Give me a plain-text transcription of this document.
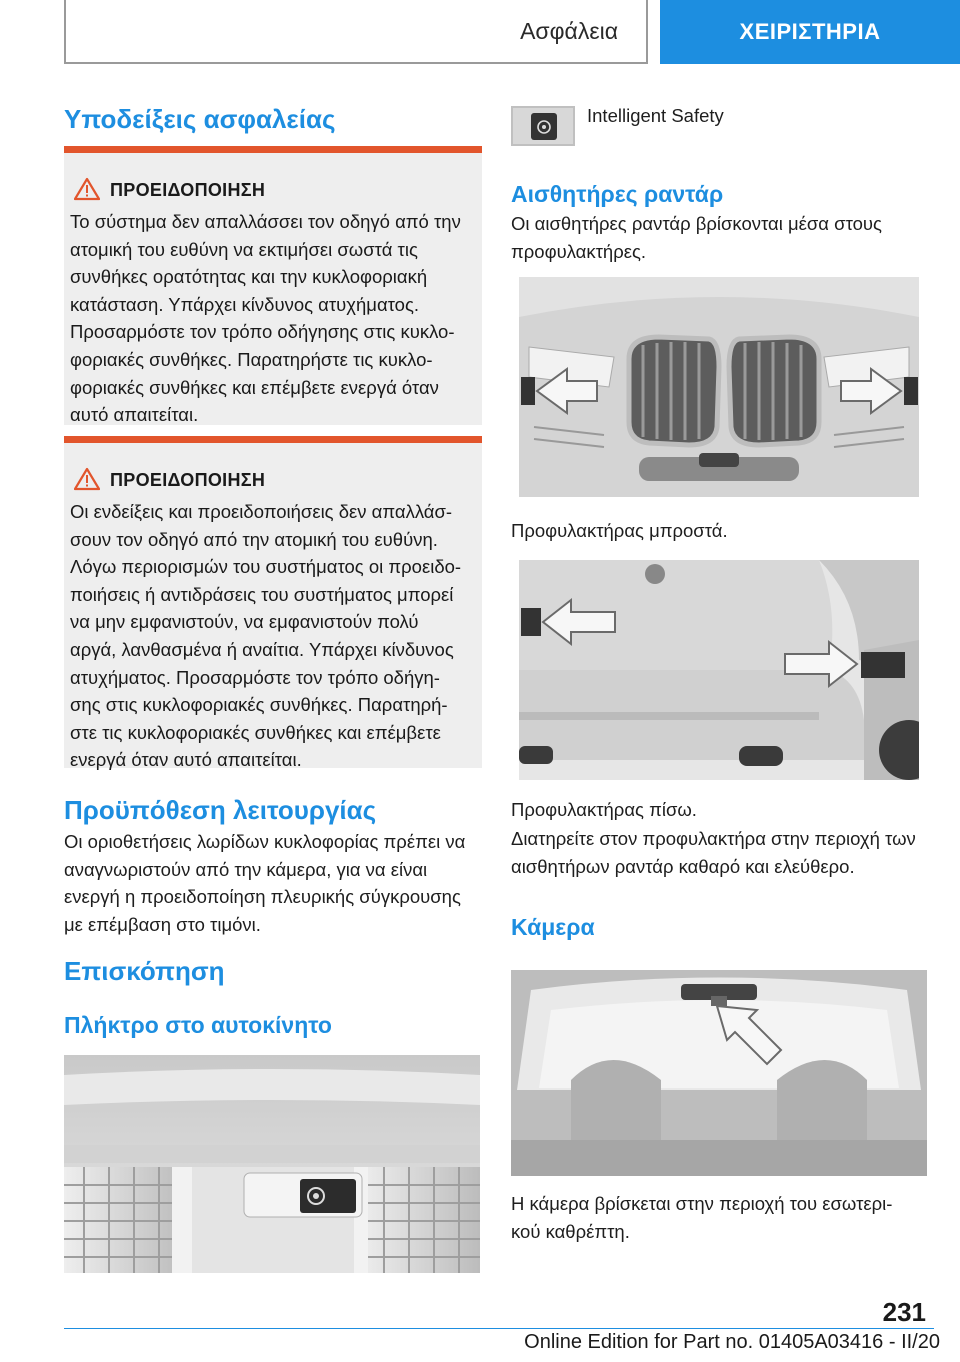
Ασφάλεια	ΧΕΙΡΙΣΤΗΡΙΑ
Υποδείξεις ασφαλείας
ΠΡΟΕΙΔΟΠΟΙΗΣΗ
Το σύστημα δεν απαλλάσσει τον οδηγό από την
ατομική του ευθύνη να εκτιμήσει σωστά τις
συνθήκες ορατότητας και την κυκλοφοριακή
κατάσταση. Υπάρχει κίνδυνος ατυχήματος.
Προσαρμόστε τον τρόπο οδήγησης στις κυκλο-
φοριακές συνθήκες. Παρατηρήστε τις κυκλο-
φοριακές συνθήκες και επέμβετε ενεργά όταν
αυτό απαιτείται.
ΠΡΟΕΙΔΟΠΟΙΗΣΗ
Οι ενδείξεις και προειδοποιήσεις δεν απαλλάσ-
σουν τον οδηγό από την ατομική του ευθύνη.
Λόγω περιορισμών του συστήματος οι προειδο-
ποιήσεις ή αντιδράσεις του συστήματος μπορεί
να μην εμφανιστούν, να εμφανιστούν πολύ
αργά, λανθασμένα ή αναίτια. Υπάρχει κίνδυνος
ατυχήματος. Προσαρμόστε τον τρόπο οδήγη-
σης στις κυκλοφοριακές συνθήκες. Παρατηρή-
στε τις κυκλοφοριακές συνθήκες και επέμβετε
ενεργά όταν αυτό απαιτείται.
Προϋπόθεση λειτουργίας
Οι οριοθετήσεις λωρίδων κυκλοφορίας πρέπει να
αναγνωριστούν από την κάμερα, για να είναι
ενεργή η προειδοποίηση πλευρικής σύγκρουσης
με επέμβαση στο τιμόνι.
Επισκόπηση
Πλήκτρο στο αυτοκίνητο
Intelligent Safety
Αισθητήρες ραντάρ
Οι αισθητήρες ραντάρ βρίσκονται μέσα στους
προφυλακτήρες.
Προφυλακτήρας μπροστά.
Προφυλακτήρας πίσω.
Διατηρείτε στον προφυλακτήρα στην περιοχή των
αισθητήρων ραντάρ καθαρό και ελεύθερο.
Κάμερα
Η κάμερα βρίσκεται στην περιοχή του εσωτερι-
κού καθρέπτη.
231
Online Edition for Part no. 01405A03416 - II/20
